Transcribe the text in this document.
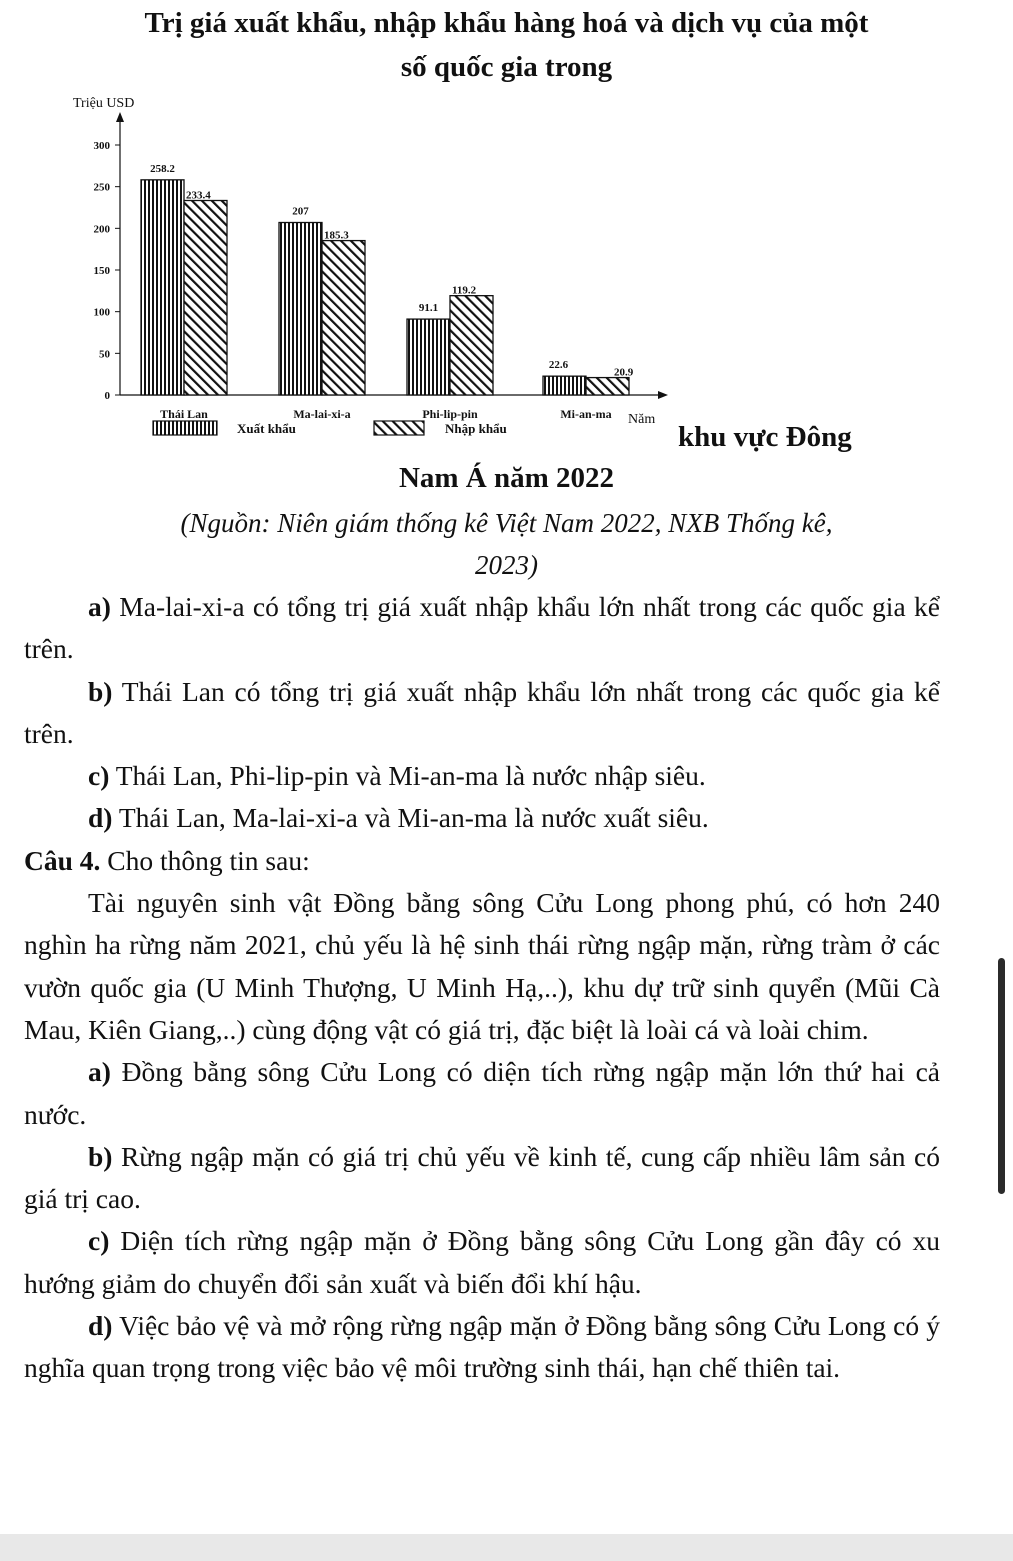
Trị giá xuất khẩu, nhập khẩu hàng hoá và dịch vụ của một
số quốc gia trong
Triệu USD
Năm
0
50
100
150
200
250
300
258.2
233.4
207
185.3
91.1
119.2
22.6
20.9
Thái Lan	Ma-lai-xi-a	Phi-lip-pin	Mi-an-ma
Xuất khẩu	Nhập khẩu	khu vực Đông
Nam Á năm 2022
(Nguồn: Niên giám thống kê Việt Nam 2022, NXB Thống kê,
2023)

a) Ma-lai-xi-a có tổng trị giá xuất nhập khẩu lớn nhất trong các quốc gia kể trên.

b) Thái Lan có tổng trị giá xuất nhập khẩu lớn nhất trong các quốc gia kể trên.

c) Thái Lan, Phi-lip-pin và Mi-an-ma là nước nhập siêu.

d) Thái Lan, Ma-lai-xi-a và Mi-an-ma là nước xuất siêu.

Câu 4. Cho thông tin sau:

Tài nguyên sinh vật Đồng bằng sông Cửu Long phong phú, có hơn 240 nghìn ha rừng năm 2021, chủ yếu là hệ sinh thái rừng ngập mặn, rừng tràm ở các vườn quốc gia (U Minh Thượng, U Minh Hạ,..), khu dự trữ sinh quyển (Mũi Cà Mau, Kiên Giang,..) cùng động vật có giá trị, đặc biệt là loài cá và loài chim.

a) Đồng bằng sông Cửu Long có diện tích rừng ngập mặn lớn thứ hai cả nước.

b) Rừng ngập mặn có giá trị chủ yếu về kinh tế, cung cấp nhiều lâm sản có giá trị cao.

c) Diện tích rừng ngập mặn ở Đồng bằng sông Cửu Long gần đây có xu hướng giảm do chuyển đổi sản xuất và biến đổi khí hậu.

d) Việc bảo vệ và mở rộng rừng ngập mặn ở Đồng bằng sông Cửu Long có ý nghĩa quan trọng trong việc bảo vệ môi trường sinh thái, hạn chế thiên tai.
